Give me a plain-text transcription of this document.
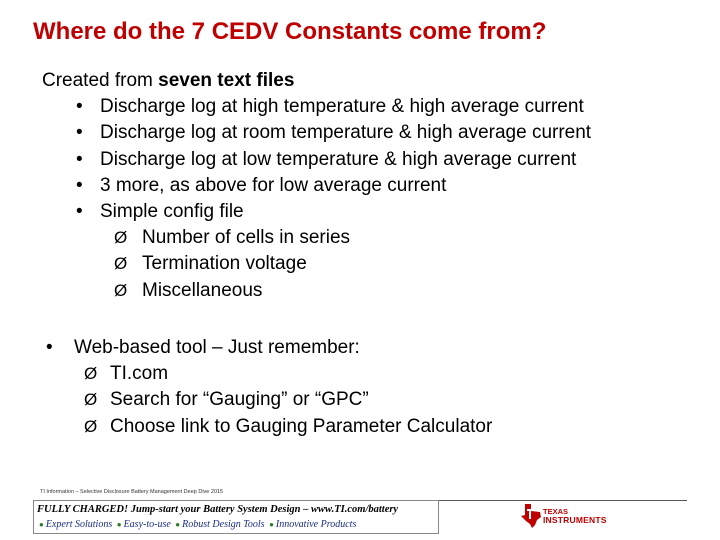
Where do the 7 CEDV Constants come from?
Created from seven text files
• Discharge log at high temperature & high average current
• Discharge log at room temperature & high average current
• Discharge log at low temperature & high average current
• 3 more, as above for low average current
• Simple config file
Ø Number of cells in series
Ø Termination voltage
Ø Miscellaneous
• Web-based tool – Just remember:
Ø TI.com
Ø Search for “Gauging” or “GPC”
Ø Choose link to Gauging Parameter Calculator
TI Information – Selective Disclosure Battery Management Deep Dive 2015
FULLY CHARGED! Jump-start your Battery System Design – www.TI.com/battery
● Expert Solutions ● Easy-to-use ● Robust Design Tools ● Innovative Products
TEXAS
INSTRUMENTS
